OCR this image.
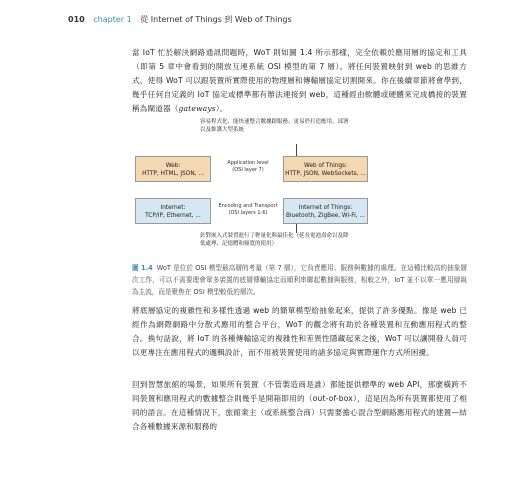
010 chapter 1 從 Internet of Things 到 Web of Things
當 IoT 忙於解決網路通訊問題時，WoT 則如圖 1.4 所示那樣，完全依賴於應用層的協定和工具（即第 5 章中會看到的開放互連系統 OSI 模型的第 7 層）。將任何裝置映射到 web 的思維方式，使得 WoT 可以跟裝置所實際使用的物理層和傳輸層協定切割開來。你在後續章節將會學到，幾乎任何自定義的 IoT 協定或標準都有辦法連接到 web，這種經由軟體或硬體來完成橋接的裝置稱為閘道器（gateways）。
容易程式化、能快速整合數據跟服務、更易於打造應用、部署以及維護大型系統
Web:
HTTP, HTML, JSON, ...
Application level
(OSI layer 7)
Web of Things:
HTTP, JSON, WebSockets, ...
Internet:
TCP/IP, Ethernet, ...
Encoding and Transport
(OSI layers 1-6)
Internet of Things:
Bluetooth, ZigBee, Wi-Fi, ...
針對嵌入式裝置進行了輕量化與最佳化（延長電池壽命以及降低處理、記憶體和頻寬的使用）
圖 1.4 WoT 是位於 OSI 模型最高層的考量（第 7 層），它負責應用、服務與數據的處理。在這種比較高的抽象層次工作，可以不需要理會眾多裝置的底層傳輸協定而順利串聯起數據與服務，相較之外，IoT 並不以單一應用層級為主流，而是聚焦在 OSI 模型較低的層次。
將底層協定的複雜性和多樣性透過 web 的簡單模型給抽象起來，提供了許多優點。像是 web 已經作為網際網路中分散式應用的整合平台，WoT 的觀念將有助於各種裝置和互動應用程式的整合。換句話說，將 IoT 的各種傳輸協定的複雜性和差異性隱藏起來之後，WoT 可以讓開發人員可以更專注在應用程式的邏輯設計，而不用被裝置使用的諸多協定與實際運作方式所困擾。
回到智慧旅館的場景，如果所有裝置（不管製造商是誰）都能提供標準的 web API，那麼橫跨不同裝置和應用程式的數據整合則幾乎是開箱即用的（out-of-box），這是因為所有裝置都使用了相同的語言。在這種情況下，旅館業主（或系統整合商）只需要擔心混合型網路應用程式的建置—結合各種數據來源和服務的
